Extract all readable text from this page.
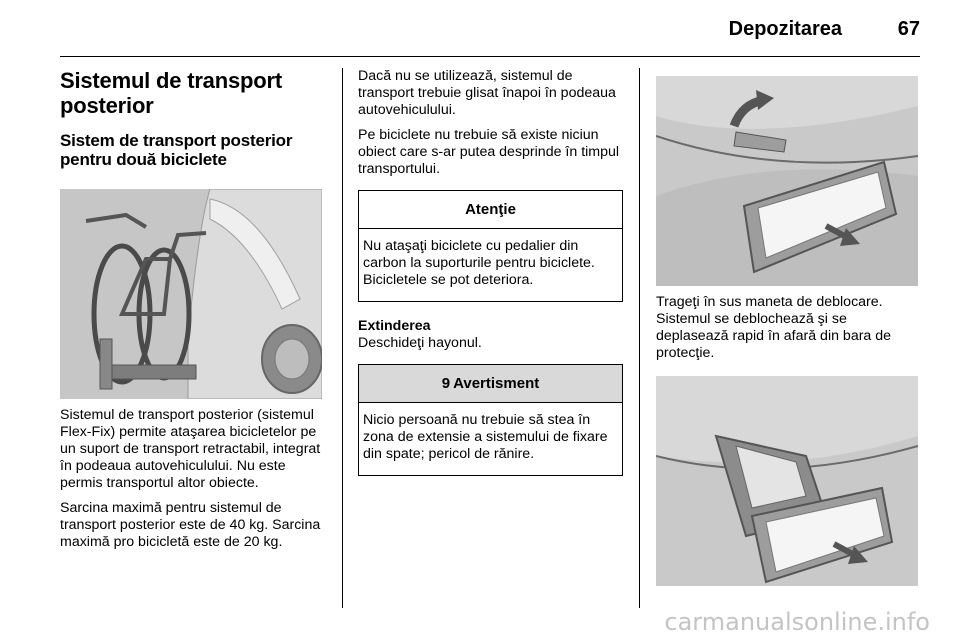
Depozitarea	67
Sistemul de transport posterior
Sistem de transport posterior pentru două biciclete

Sistemul de transport posterior (sistemul Flex-Fix) permite ataşarea bicicletelor pe un suport de transport retractabil, integrat în podeaua autovehiculului. Nu este permis transportul altor obiecte.

Sarcina maximă pentru sistemul de transport posterior este de 40 kg. Sarcina maximă pro bicicletă este de 20 kg.

Dacă nu se utilizează, sistemul de transport trebuie glisat înapoi în podeaua autovehiculului.

Pe biciclete nu trebuie să existe niciun obiect care s-ar putea desprinde în timpul transportului.

Atenţie
Nu ataşaţi biciclete cu pedalier din carbon la suporturile pentru biciclete. Bicicletele se pot deteriora.

Extinderea

Deschideţi hayonul.

9 Avertisment
Nicio persoană nu trebuie să stea în zona de extensie a sistemului de fixare din spate; pericol de rănire.

Trageţi în sus maneta de deblocare. Sistemul se deblochează şi se deplasează rapid în afară din bara de protecţie.

carmanualsonline.info
